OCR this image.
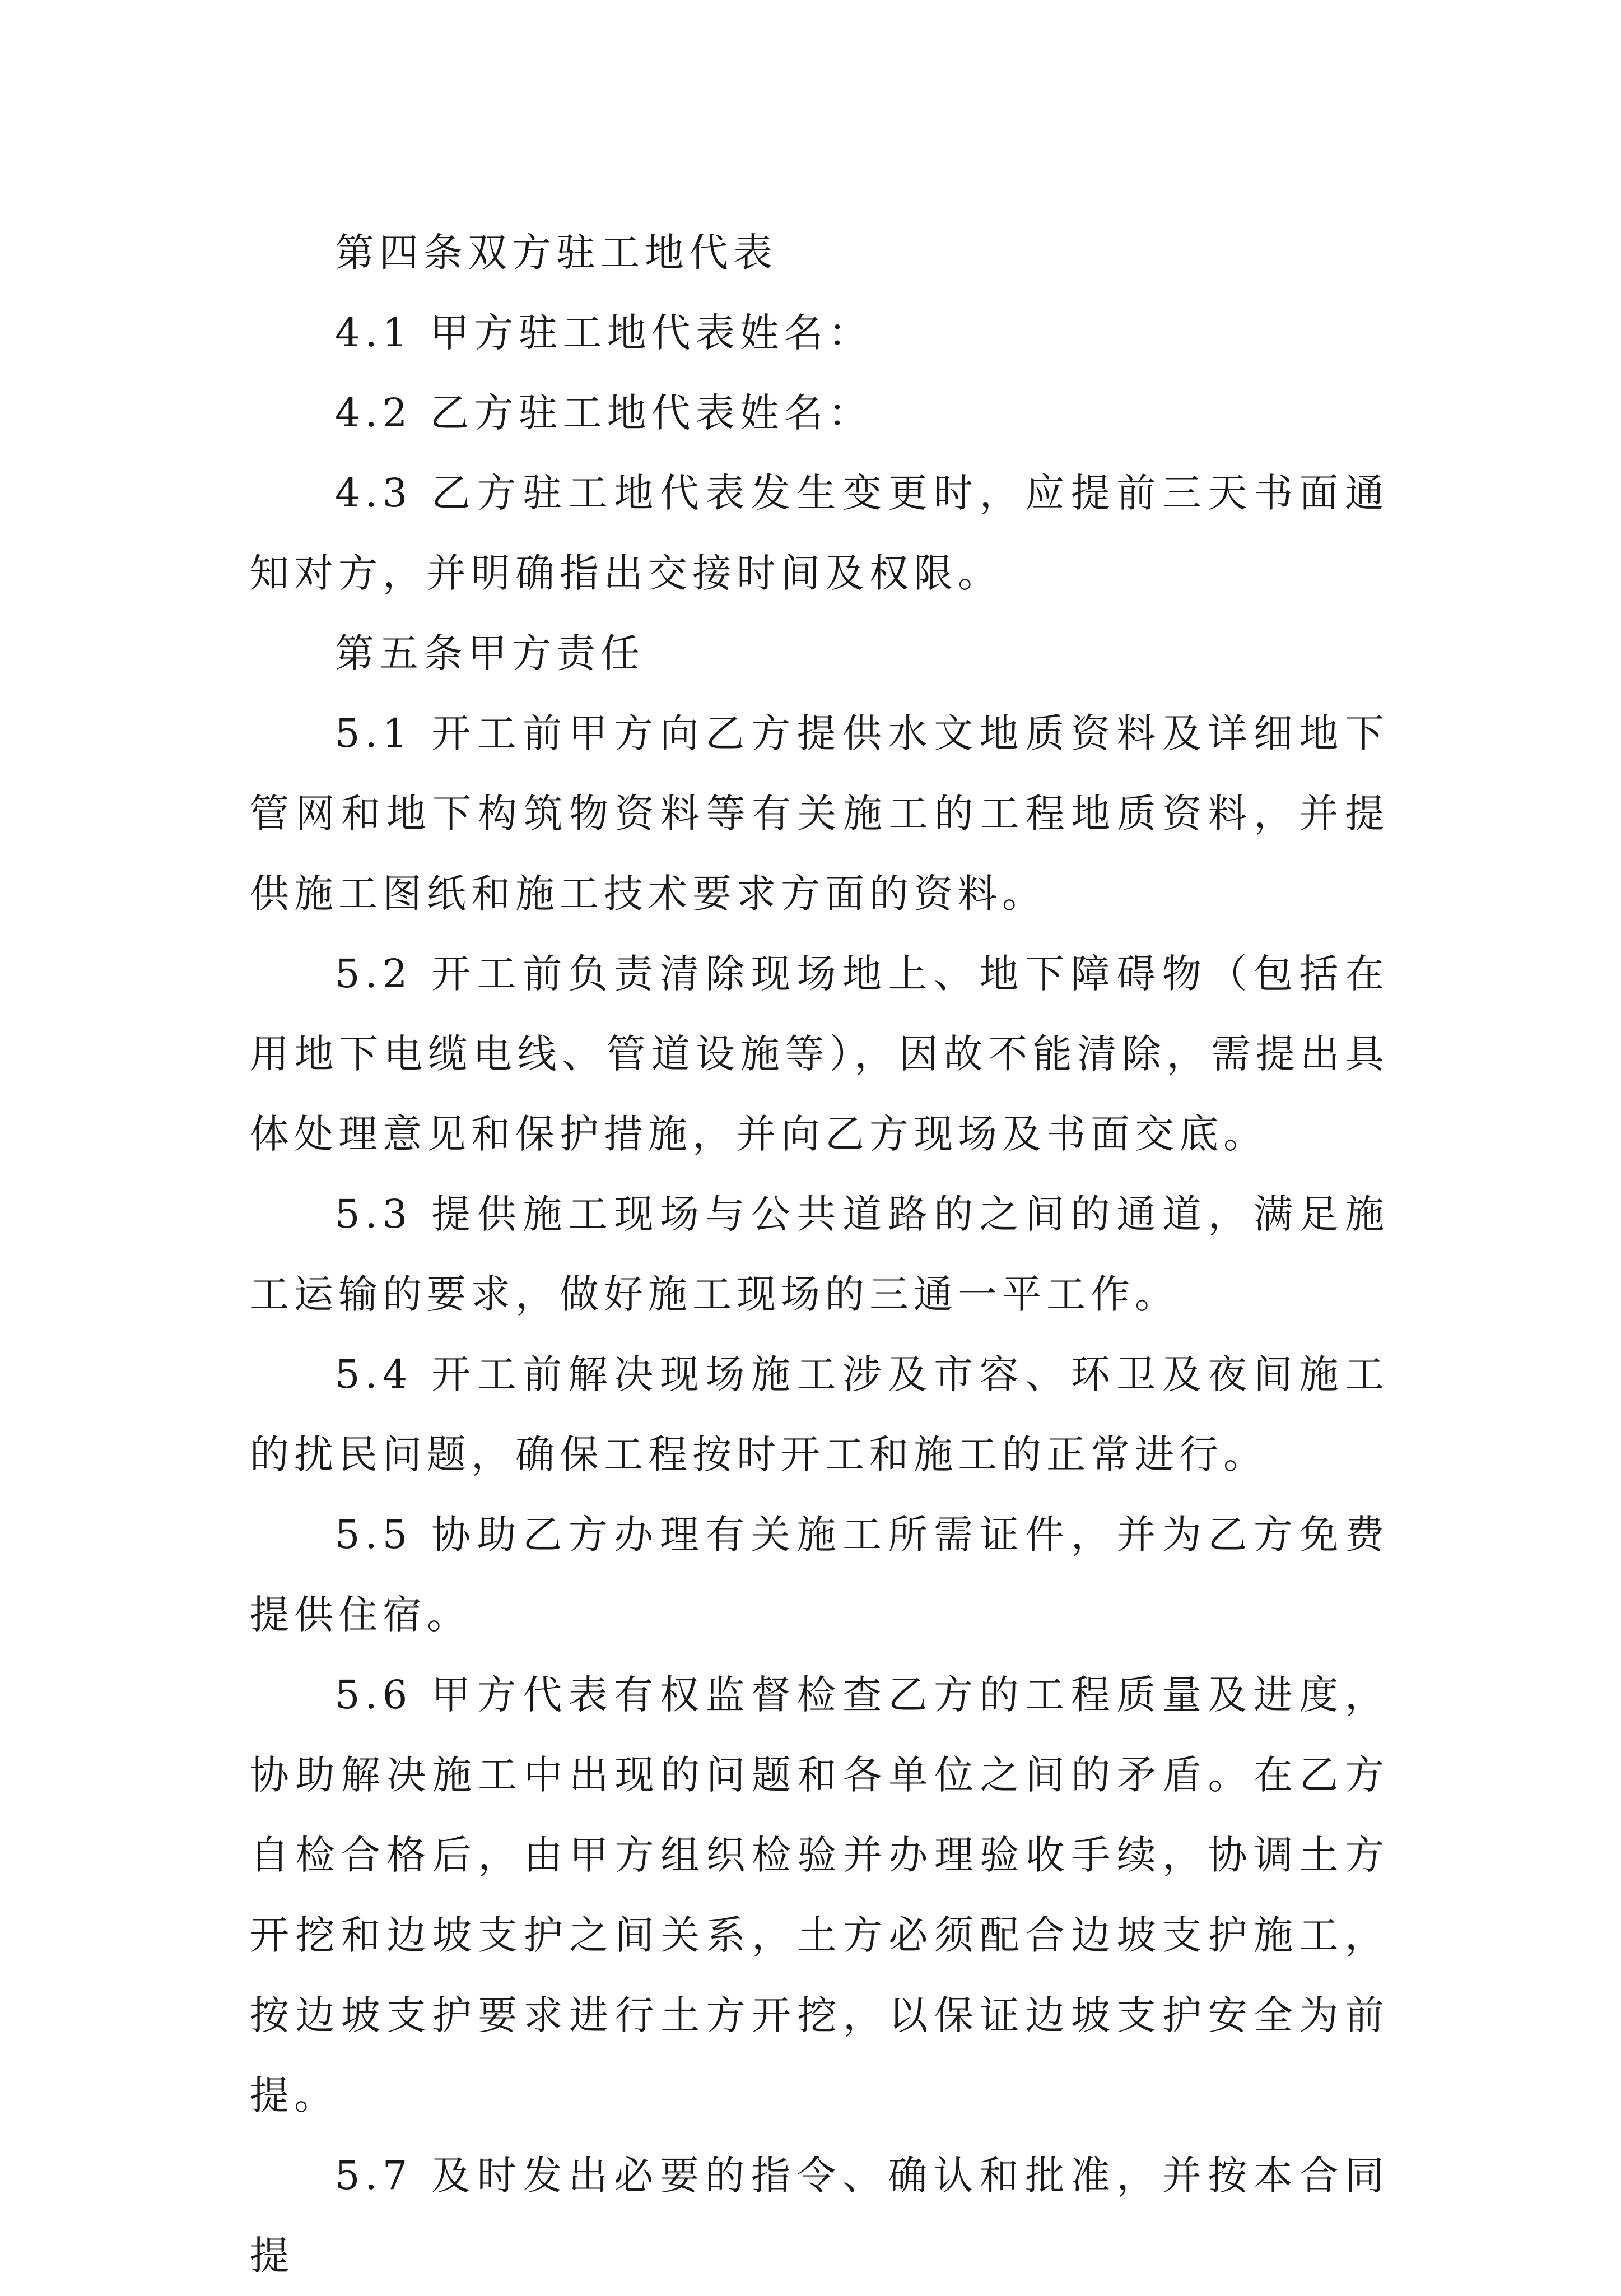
第四条双方驻工地代表

4.1 甲方驻工地代表姓名：

4.2 乙方驻工地代表姓名：

4.3 乙方驻工地代表发生变更时，应提前三天书面通知对方，并明确指出交接时间及权限。

第五条甲方责任

5.1 开工前甲方向乙方提供水文地质资料及详细地下管网和地下构筑物资料等有关施工的工程地质资料，并提供施工图纸和施工技术要求方面的资料。

5.2 开工前负责清除现场地上、地下障碍物（包括在用地下电缆电线、管道设施等），因故不能清除，需提出具体处理意见和保护措施，并向乙方现场及书面交底。

5.3 提供施工现场与公共道路的之间的通道，满足施工运输的要求，做好施工现场的三通一平工作。

5.4 开工前解决现场施工涉及市容、环卫及夜间施工的扰民问题，确保工程按时开工和施工的正常进行。

5.5 协助乙方办理有关施工所需证件，并为乙方免费提供住宿。

5.6 甲方代表有权监督检查乙方的工程质量及进度，协助解决施工中出现的问题和各单位之间的矛盾。在乙方自检合格后，由甲方组织检验并办理验收手续，协调土方开挖和边坡支护之间关系，土方必须配合边坡支护施工，按边坡支护要求进行土方开挖，以保证边坡支护安全为前提。

5.7 及时发出必要的指令、确认和批准，并按本合同提
